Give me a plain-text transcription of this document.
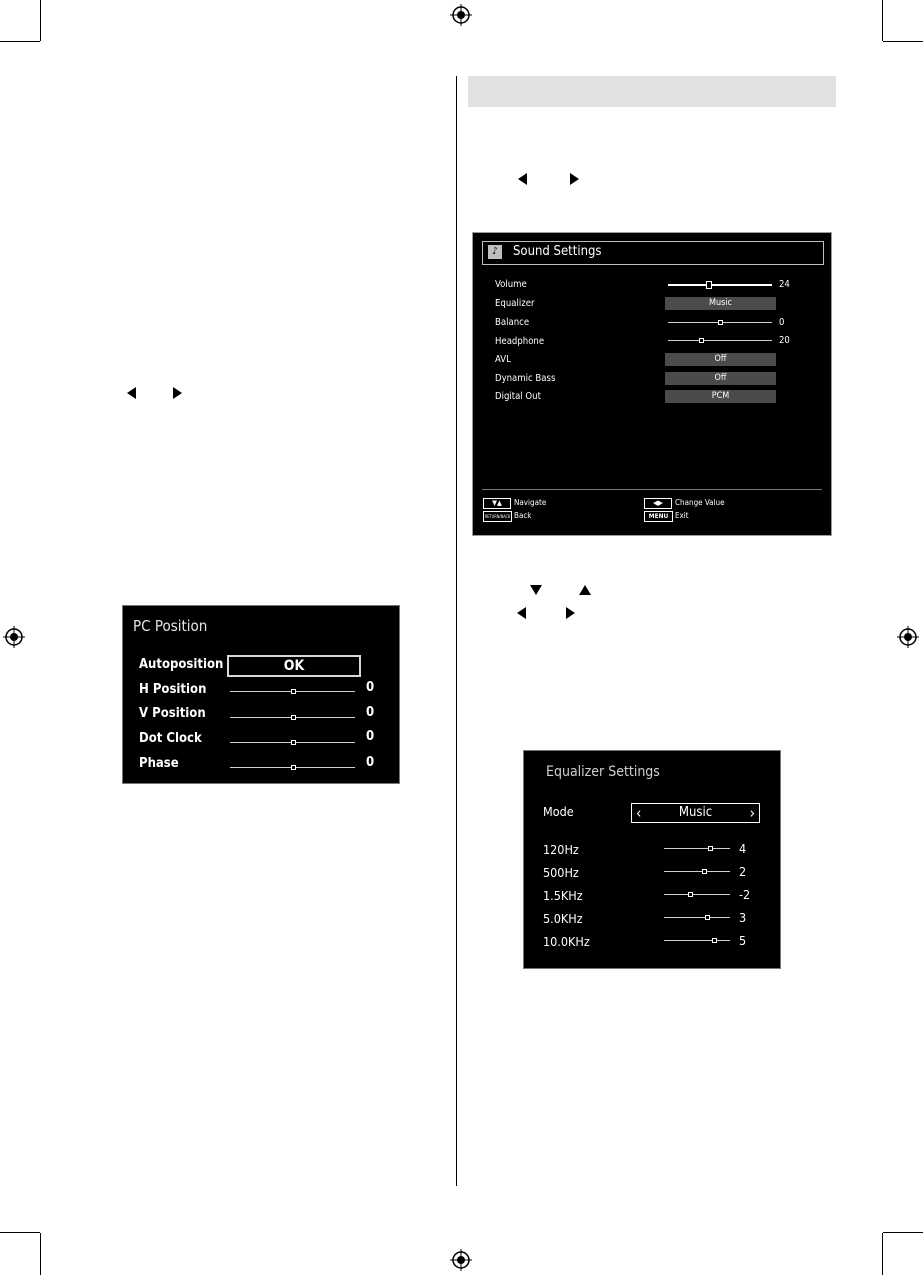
PC Position
Autoposition	OK
H Position	0
V Position	0
Dot Clock	0
Phase	0
♪	Sound Settings
Volume	24
Equalizer	Music
Balance	0
Headphone	20
AVL	Off
Dynamic Bass	Off
Digital Out	PCM
▼▲	Navigate
RETURN/BACK Back
◀▶	Change Value
MENU Exit
Equalizer Settings
Mode	‹	Music	›
120Hz	4
500Hz	2
1.5KHz	-2
5.0KHz	3
10.0KHz	5
